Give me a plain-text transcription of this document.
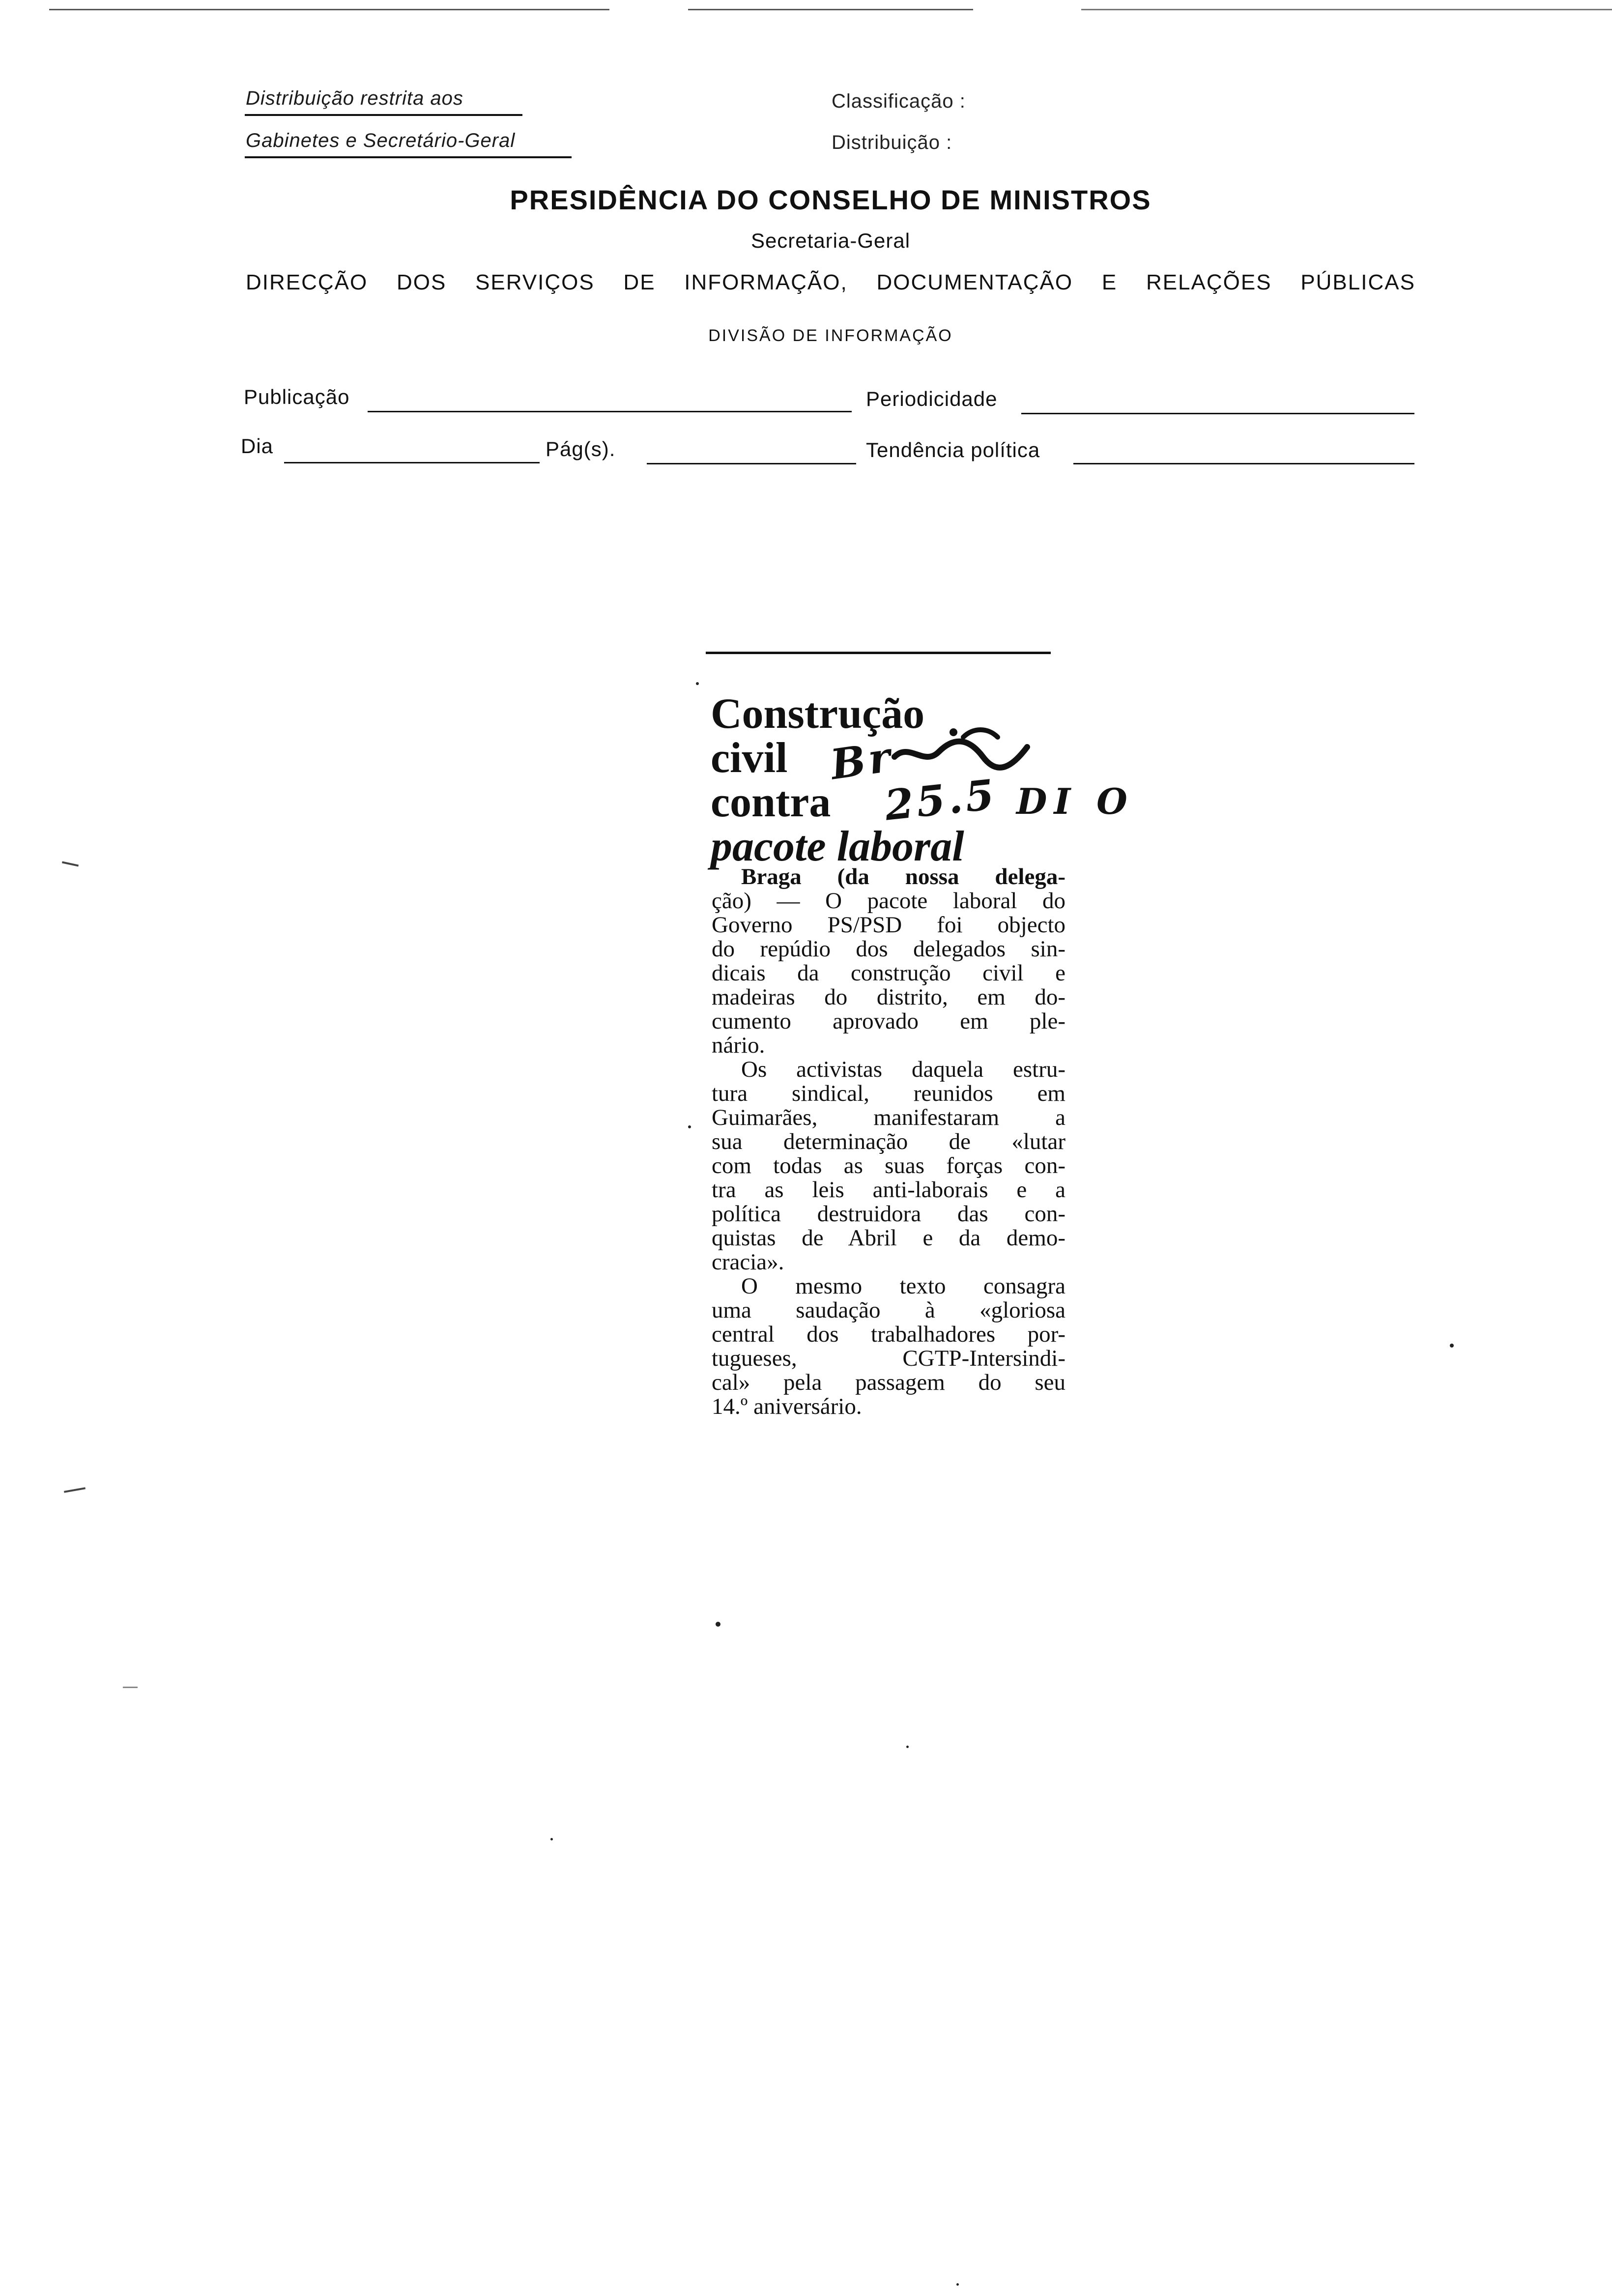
Distribuição restrita aos
Gabinetes e Secretário-Geral
Classificação :
Distribuição :
PRESIDÊNCIA DO CONSELHO DE MINISTROS
Secretaria-Geral
DIRECÇÃO DOS SERVIÇOS DE INFORMAÇÃO, DOCUMENTAÇÃO E RELAÇÕES PÚBLICAS
DIVISÃO DE INFORMAÇÃO
Publicação	Periodicidade
Dia	Pág(s).	Tendência política
Construção
civil
contra
pacote laboral
Br
25.5 DI O
Braga (da nossa delega-
ção) — O pacote laboral do
Governo PS/PSD foi objecto
do repúdio dos delegados sin-
dicais da construção civil e
madeiras do distrito, em do-
cumento aprovado em ple-
nário.
Os activistas daquela estru-
tura sindical, reunidos em
Guimarães, manifestaram a
sua determinação de «lutar
com todas as suas forças con-
tra as leis anti-laborais e a
política destruidora das con-
quistas de Abril e da demo-
cracia».
O mesmo texto consagra
uma saudação à «gloriosa
central dos trabalhadores por-
tugueses, CGTP-Intersindi-
cal» pela passagem do seu
14.º aniversário.
